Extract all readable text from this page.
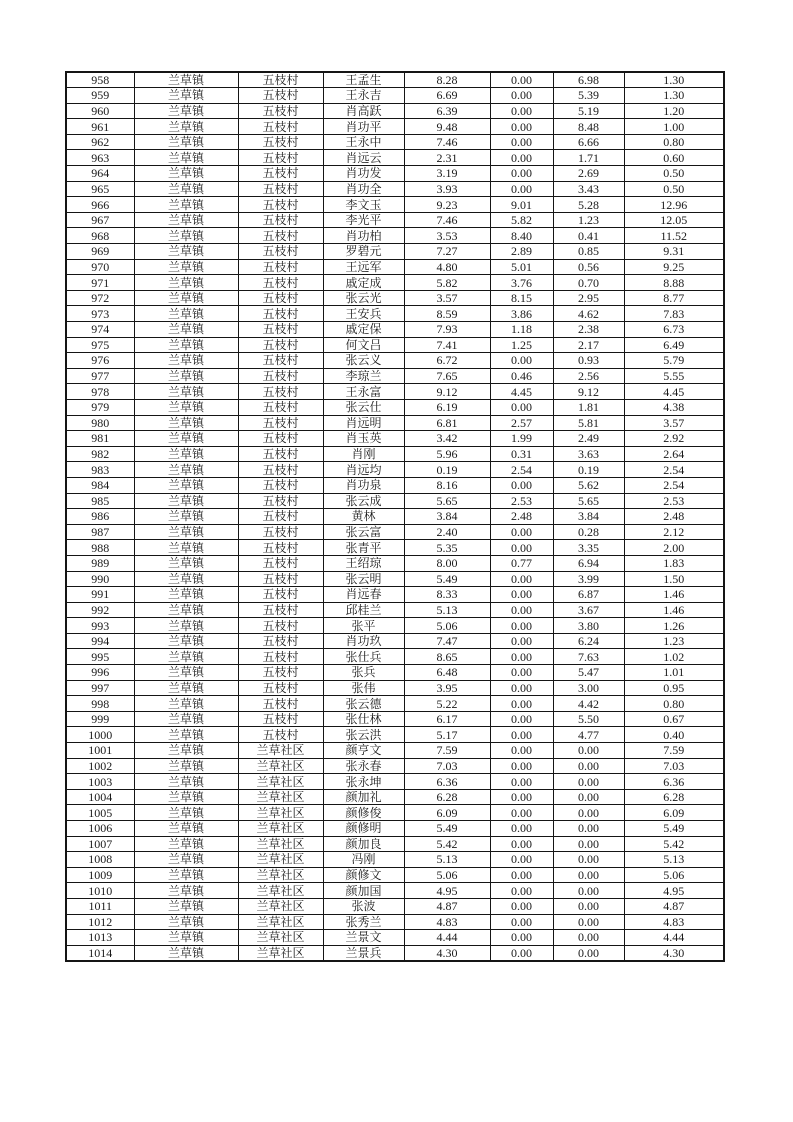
958	兰草镇	五枝村	王孟生	8.28	0.00	6.98	1.30
959	兰草镇	五枝村	王永吉	6.69	0.00	5.39	1.30
960	兰草镇	五枝村	肖高跃	6.39	0.00	5.19	1.20
961	兰草镇	五枝村	肖功平	9.48	0.00	8.48	1.00
962	兰草镇	五枝村	王永中	7.46	0.00	6.66	0.80
963	兰草镇	五枝村	肖远云	2.31	0.00	1.71	0.60
964	兰草镇	五枝村	肖功发	3.19	0.00	2.69	0.50
965	兰草镇	五枝村	肖功全	3.93	0.00	3.43	0.50
966	兰草镇	五枝村	李文玉	9.23	9.01	5.28	12.96
967	兰草镇	五枝村	李光平	7.46	5.82	1.23	12.05
968	兰草镇	五枝村	肖功柏	3.53	8.40	0.41	11.52
969	兰草镇	五枝村	罗碧元	7.27	2.89	0.85	9.31
970	兰草镇	五枝村	王远军	4.80	5.01	0.56	9.25
971	兰草镇	五枝村	戚定成	5.82	3.76	0.70	8.88
972	兰草镇	五枝村	张云光	3.57	8.15	2.95	8.77
973	兰草镇	五枝村	王安兵	8.59	3.86	4.62	7.83
974	兰草镇	五枝村	戚定保	7.93	1.18	2.38	6.73
975	兰草镇	五枝村	何文吕	7.41	1.25	2.17	6.49
976	兰草镇	五枝村	张云义	6.72	0.00	0.93	5.79
977	兰草镇	五枝村	李琼兰	7.65	0.46	2.56	5.55
978	兰草镇	五枝村	王永富	9.12	4.45	9.12	4.45
979	兰草镇	五枝村	张云仕	6.19	0.00	1.81	4.38
980	兰草镇	五枝村	肖远明	6.81	2.57	5.81	3.57
981	兰草镇	五枝村	肖玉英	3.42	1.99	2.49	2.92
982	兰草镇	五枝村	肖刚	5.96	0.31	3.63	2.64
983	兰草镇	五枝村	肖远均	0.19	2.54	0.19	2.54
984	兰草镇	五枝村	肖功泉	8.16	0.00	5.62	2.54
985	兰草镇	五枝村	张云成	5.65	2.53	5.65	2.53
986	兰草镇	五枝村	黄林	3.84	2.48	3.84	2.48
987	兰草镇	五枝村	张云富	2.40	0.00	0.28	2.12
988	兰草镇	五枝村	张青平	5.35	0.00	3.35	2.00
989	兰草镇	五枝村	王绍琼	8.00	0.77	6.94	1.83
990	兰草镇	五枝村	张云明	5.49	0.00	3.99	1.50
991	兰草镇	五枝村	肖远春	8.33	0.00	6.87	1.46
992	兰草镇	五枝村	邱桂兰	5.13	0.00	3.67	1.46
993	兰草镇	五枝村	张平	5.06	0.00	3.80	1.26
994	兰草镇	五枝村	肖功玖	7.47	0.00	6.24	1.23
995	兰草镇	五枝村	张仕兵	8.65	0.00	7.63	1.02
996	兰草镇	五枝村	张兵	6.48	0.00	5.47	1.01
997	兰草镇	五枝村	张伟	3.95	0.00	3.00	0.95
998	兰草镇	五枝村	张云德	5.22	0.00	4.42	0.80
999	兰草镇	五枝村	张仕林	6.17	0.00	5.50	0.67
1000	兰草镇	五枝村	张云洪	5.17	0.00	4.77	0.40
1001	兰草镇	兰草社区	颜亨文	7.59	0.00	0.00	7.59
1002	兰草镇	兰草社区	张永春	7.03	0.00	0.00	7.03
1003	兰草镇	兰草社区	张永坤	6.36	0.00	0.00	6.36
1004	兰草镇	兰草社区	颜加礼	6.28	0.00	0.00	6.28
1005	兰草镇	兰草社区	颜修俊	6.09	0.00	0.00	6.09
1006	兰草镇	兰草社区	颜修明	5.49	0.00	0.00	5.49
1007	兰草镇	兰草社区	颜加良	5.42	0.00	0.00	5.42
1008	兰草镇	兰草社区	冯刚	5.13	0.00	0.00	5.13
1009	兰草镇	兰草社区	颜修文	5.06	0.00	0.00	5.06
1010	兰草镇	兰草社区	颜加国	4.95	0.00	0.00	4.95
1011	兰草镇	兰草社区	张波	4.87	0.00	0.00	4.87
1012	兰草镇	兰草社区	张秀兰	4.83	0.00	0.00	4.83
1013	兰草镇	兰草社区	兰景文	4.44	0.00	0.00	4.44
1014	兰草镇	兰草社区	兰景兵	4.30	0.00	0.00	4.30
